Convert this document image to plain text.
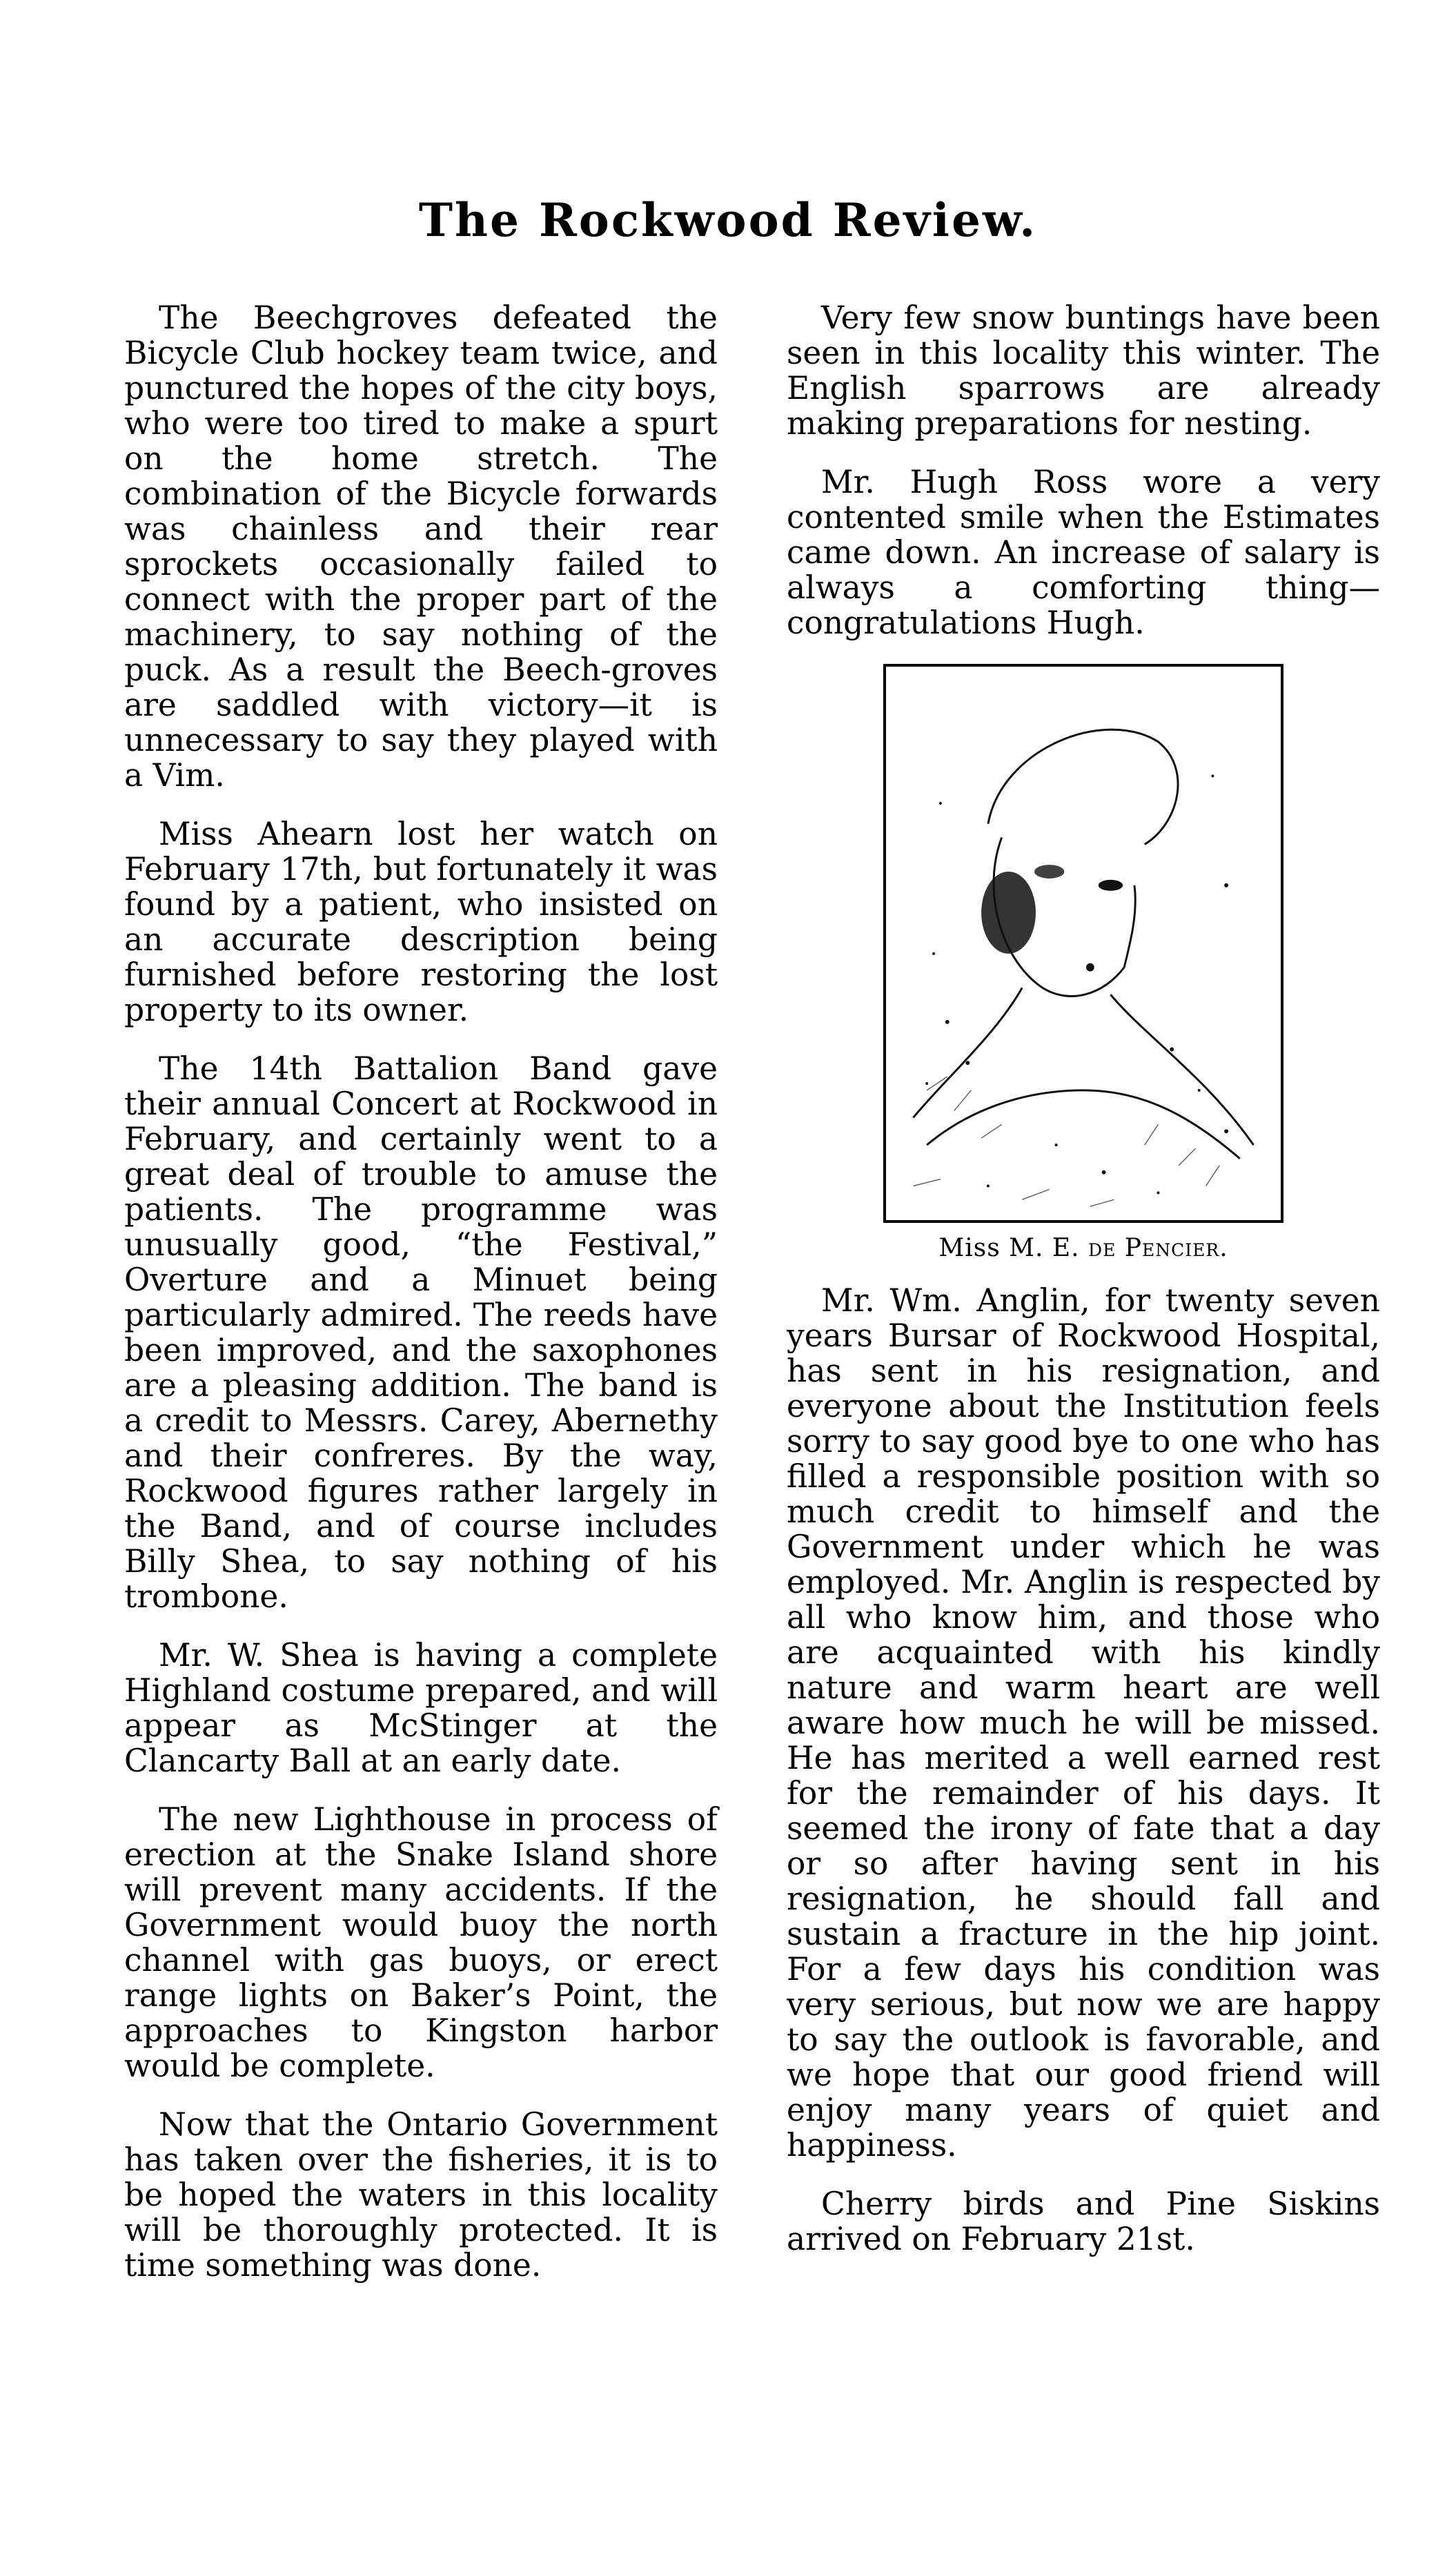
The Rockwood Review.

The Beechgroves defeated the Bicycle Club hockey team twice, and punctured the hopes of the city boys, who were too tired to make a spurt on the home stretch. The combination of the Bicycle forwards was chainless and their rear sprockets occasionally failed to connect with the proper part of the machinery, to say nothing of the puck. As a result the Beech-groves are saddled with victory—it is unnecessary to say they played with a Vim.

Miss Ahearn lost her watch on February 17th, but fortunately it was found by a patient, who insisted on an accurate description being furnished before restoring the lost property to its owner.

The 14th Battalion Band gave their annual Concert at Rockwood in February, and certainly went to a great deal of trouble to amuse the patients. The programme was unusually good, “the Festival,” Overture and a Minuet being particularly admired. The reeds have been improved, and the saxophones are a pleasing addition. The band is a credit to Messrs. Carey, Abernethy and their confreres. By the way, Rockwood figures rather largely in the Band, and of course includes Billy Shea, to say nothing of his trombone.

Mr. W. Shea is having a complete Highland costume prepared, and will appear as McStinger at the Clancarty Ball at an early date.

The new Lighthouse in process of erection at the Snake Island shore will prevent many accidents. If the Government would buoy the north channel with gas buoys, or erect range lights on Baker’s Point, the approaches to Kingston harbor would be complete.

Now that the Ontario Government has taken over the fisheries, it is to be hoped the waters in this locality will be thoroughly protected. It is time something was done.

Very few snow buntings have been seen in this locality this winter. The English sparrows are already making preparations for nesting.

Mr. Hugh Ross wore a very contented smile when the Estimates came down. An increase of salary is always a comforting thing—congratulations Hugh.

Miss M. E. de Pencier.

Mr. Wm. Anglin, for twenty seven years Bursar of Rockwood Hospital, has sent in his resignation, and everyone about the Institution feels sorry to say good bye to one who has filled a responsible position with so much credit to himself and the Government under which he was employed. Mr. Anglin is respected by all who know him, and those who are acquainted with his kindly nature and warm heart are well aware how much he will be missed. He has merited a well earned rest for the remainder of his days. It seemed the irony of fate that a day or so after having sent in his resignation, he should fall and sustain a fracture in the hip joint. For a few days his condition was very serious, but now we are happy to say the outlook is favorable, and we hope that our good friend will enjoy many years of quiet and happiness.

Cherry birds and Pine Siskins arrived on February 21st.
